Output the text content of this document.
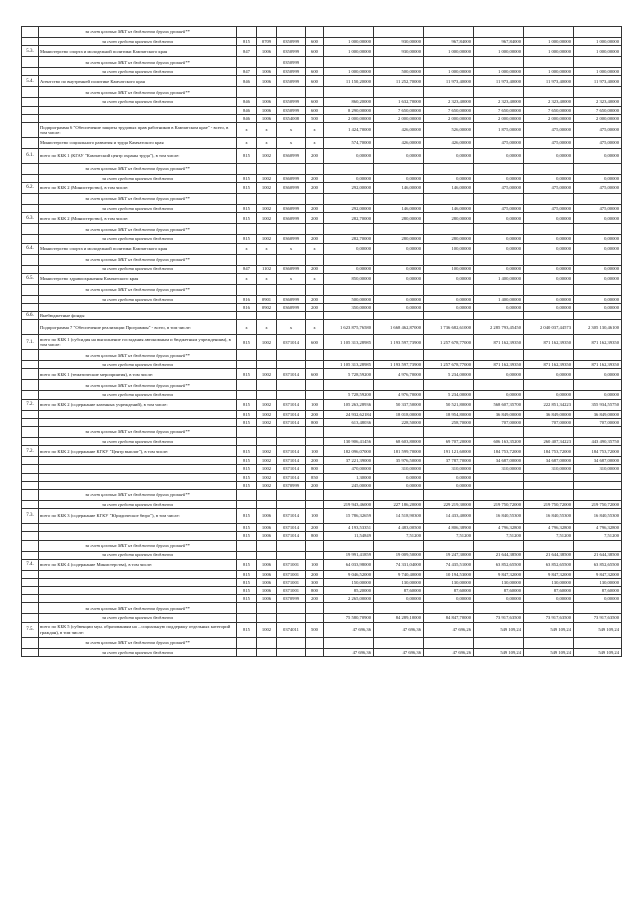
	за счет целевых МБТ из бюджетов других уровней**										
	за счет средств краевого бюджета	815	0709	0350999	600	1 000,00000	930,00000	967,84000	967,84000	1 000,00000	1 000,00000
5.3.	Министерство спорта и молодежной политики Камчатского края	847	1006	0350999	600	1 000,00000	930,00000	1 000,00000	1 000,00000	1 000,00000	1 000,00000
	за счет целевых МБТ из бюджетов других уровней**			0350999							
	за счет средств краевого бюджета	847	1006	0350999	600	1 000,00000	500,00000	1 000,00000	1 000,00000	1 000,00000	1 000,00000
5.4.	Агентство по внутренней политике Камчатского края	846	1006	0350999	600	11 150,20000	11 252,70000	11 973,40000	11 973,40000	11 973,40000	11 973,40000
	за счет целевых МБТ из бюджетов других уровней**										
	за счет средств краевого бюджета	846	1006	0350999	600	860,20000	1 632,70000	2 323,40000	2 323,40000	2 323,40000	2 323,40000
		846	1006	0350999	600	8 290,00000	7 650,00000	7 650,00000	7 650,00000	7 650,00000	7 650,00000
		846	1006	0354008	500	2 000,00000	2 000,00000	2 000,00000	2 000,00000	2 000,00000	2 000,00000
	Подпрограмма 6 "Обеспечение защиты трудовых прав работников в Камчатском крае" - всего, в том числе:	x	x	x	x	1 424,70000	426,00000	526,00000	1 875,00000	475,00000	475,00000
	Министерство социального развития и труда Камчатского края	x	x	x	x	574,70000	426,00000	426,00000	475,00000	475,00000	475,00000
6.1.	всего по КБК 1 (КГАУ "Камчатский центр охраны труда"), в том числе:	815	1002	0360999	200	0,00000	0,00000	0,00000	0,00000	0,00000	0,00000
	за счет целевых МБТ из бюджетов других уровней**										
	за счет средств краевого бюджета	815	1002	0360999	200	0,00000	0,00000	0,00000	0,00000	0,00000	0,00000
6.2.	всего по КБК 2 (Министерство), в том числе:	815	1002	0360999	200	292,00000	146,00000	146,00000	475,00000	475,00000	475,00000
	за счет целевых МБТ из бюджетов других уровней**										
	за счет средств краевого бюджета	815	1002	0360999	200	292,00000	146,00000	146,00000	475,00000	475,00000	475,00000
6.3.	всего по КБК 2 (Министерство), в том числе:	815	1002	0360999	200	282,70000	280,00000	280,00000	0,00000	0,00000	0,00000
	за счет целевых МБТ из бюджетов других уровней**										
	за счет средств краевого бюджета	815	1002	0360999	200	282,70000	280,00000	280,00000	0,00000	0,00000	0,00000
6.4.	Министерство спорта и молодежной политики Камчатского края	x	x	x	x	0,00000	0,00000	100,00000	0,00000	0,00000	0,00000
	за счет целевых МБТ из бюджетов других уровней**										
	за счет средств краевого бюджета	847	1102	0360999	200	0,00000	0,00000	100,00000	0,00000	0,00000	0,00000
6.5.	Министерство здравоохранения Камчатского края	x	x	x	x	850,00000	0,00000	0,00000	1 400,00000	0,00000	0,00000
	за счет целевых МБТ из бюджетов других уровней**										
	за счет средств краевого бюджета	816	0901	0360999	200	500,00000	0,00000	0,00000	1 400,00000	0,00000	0,00000
		816	0902	0360999	200	350,00000	0,00000	0,00000	0,00000	0,00000	0,00000
6.6.	Внебюджетные фонды										
	Подпрограмма 7 "Обеспечение реализации Программы" - всего, в том числе:	x	x	x	x	1 623 875,76580	1 668 462,87000	1 736 682,61000	2 285 793,45450	2 040 037,44573	2 305 130,46100
7.1.	всего по КБК 1 (субсидия на выполнение госзадания автономным и бюджетным учреждениям), в том числе:	815	1002	0371014	600	1 105 313,28985	1 193 597,73900	1 257 678,77000	871 162,39350	871 162,39350	871 162,39350
	за счет целевых МБТ из бюджетов других уровней**										
	за счет средств краевого бюджета					1 105 313,28985	1 193 597,73900	1 257 678,77000	871 162,39350	871 162,39350	871 162,39350
	всего по КБК 1 (тематические мероприятия), в том числе:	815	1002	0371014	600	5 728,59200	4 976,70000	5 234,00000	0,00000	0,00000	0,00000
	за счет целевых МБТ из бюджетов других уровней**										
	за счет средств краевого бюджета					5 728,59200	4 976,70000	5 234,00000	0,00000	0,00000	0,00000
7.2.	всего по КБК 2 (содержание казенных учреждений), в том числе:	815	1002	0371014	100	105 263,28936	50 337,50000	50 521,80000	568 607,35700	222 851,34223	355 934,55750
		815	1002	0371014	200	24 932,62184	18 018,00000	18 954,80000	36 849,00000	36 849,00000	36 849,00000
		815	1002	0371014	800	613,48036	228,50000	258,70000	707,00000	707,00000	707,00000
	за счет целевых МБТ из бюджетов других уровней**										
	за счет средств краевого бюджета					130 906,41456	68 603,80000	69 707,20000	606 163,35200	260 407,34223	443 490,35750
7.2.	всего по КБК 2 (содержание КГКУ "Центр выплат"), в том числе:	815	1002	0371014	100	182 096,07000	181 599,70000	191 121,60000	184 753,72000	184 753,72000	184 753,72000
		815	1002	0371014	200	37 221,39000	35 976,50000	37 787,70000	34 687,00000	34 687,00000	34 687,00000
		815	1002	0371014	800	470,00000	310,00000	310,00000	310,00000	310,00000	310,00000
		815	1002	0371014	850	1,30000	0,00000	0,00000			
		815	1002	0370999	200	245,00000	0,00000	0,00000			
	за счет целевых МБТ из бюджетов других уровней**										
	за счет средств краевого бюджета					219 943,46000	227 186,20000	229 219,30000	219 750,72000	219 750,72000	219 750,72000
7.3.	всего по КБК 3 (содержание КГКУ "Юридическое бюро"), в том числе:	815	1006	0371014	100	15 786,32659	14 518,90300	14 433,40000	16 840,55300	16 840,55300	16 840,55300
		815	1006	0371014	200	4 193,53351	4 483,00500	4 806,38900	4 796,32800	4 796,32800	4 796,32800
		815	1006	0371014	800	11,54849	7,51200	7,51200	7,51200	7,51200	7,51200
	за счет целевых МБТ из бюджетов других уровней**										
	за счет средств краевого бюджета					19 991,41859	19 009,50000	19 247,30000	21 644,38500	21 644,38500	21 644,38500
7.4.	всего по КБК 4 (содержание Министерства), в том числе:	815	1006	0371001	100	64 033,98000	74 331,04000	74 435,51000	63 852,65500	63 852,65500	63 852,65500
		815	1006	0371001	200	9 046,52000	9 740,40000	10 194,53000	9 847,32000	9 847,32000	9 847,32000
		815	1006	0371001	300	150,00000	130,00000	130,00000	130,00000	130,00000	130,00000
		815	1006	0371001	800	85,20000	87,60000	87,60000	87,60000	87,60000	87,60000
		815	1006	0370999	200	2 265,00000	0,00000	0,00000	0,00000	0,00000	0,00000
	за счет целевых МБТ из бюджетов других уровней**										
	за счет средств краевого бюджета					75 580,70900	84 289,10000	84 847,70000	73 917,63500	73 917,63500	73 917,63500
7.5.	всего по КБК 5 (субвенции мун. образованиям на ...социальную поддержку отдельных категорий граждан), в том числе:	815	1002	0374011	500	47 696,36	47 696,36	47 696,26	549 109,24	549 109,24	549 109,24
	за счет целевых МБТ из бюджетов других уровней**										
	за счет средств краевого бюджета					47 696,36	47 696,36	47 696,26	549 109,24	549 109,24	549 109,24
